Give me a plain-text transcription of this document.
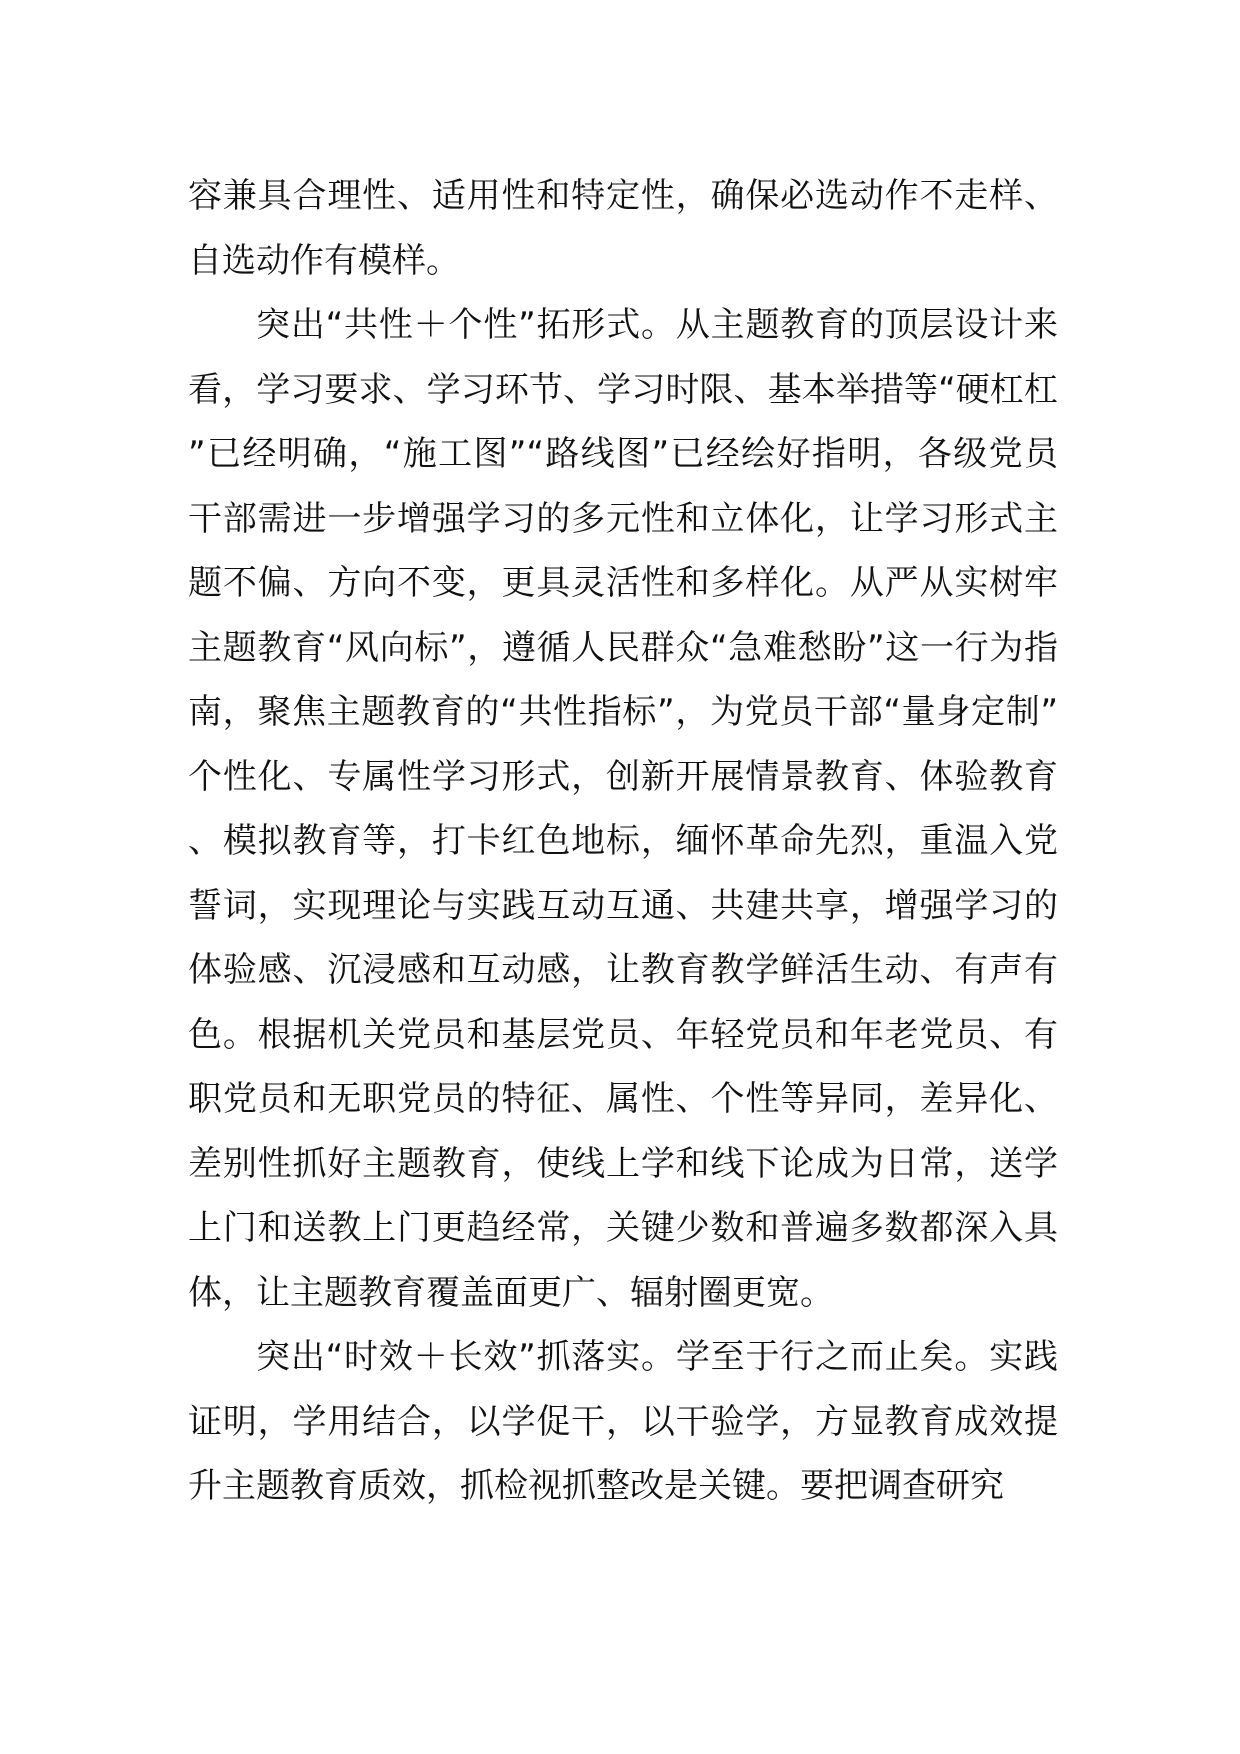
容兼具合理性、适用性和特定性，确保必选动作不走样、自选动作有模样。

突出“共性＋个性”拓形式。从主题教育的顶层设计来看，学习要求、学习环节、学习时限、基本举措等“硬杠杠”已经明确，“施工图”“路线图”已经绘好指明，各级党员干部需进一步增强学习的多元性和立体化，让学习形式主题不偏、方向不变，更具灵活性和多样化。从严从实树牢主题教育“风向标”，遵循人民群众“急难愁盼”这一行为指南，聚焦主题教育的“共性指标”，为党员干部“量身定制”个性化、专属性学习形式，创新开展情景教育、体验教育、模拟教育等，打卡红色地标，缅怀革命先烈，重温入党誓词，实现理论与实践互动互通、共建共享，增强学习的体验感、沉浸感和互动感，让教育教学鲜活生动、有声有色。根据机关党员和基层党员、年轻党员和年老党员、有职党员和无职党员的特征、属性、个性等异同，差异化、差别性抓好主题教育，使线上学和线下论成为日常，送学上门和送教上门更趋经常，关键少数和普遍多数都深入具体，让主题教育覆盖面更广、辐射圈更宽。

突出“时效＋长效”抓落实。学至于行之而止矣。实践证明，学用结合，以学促干，以干验学，方显教育成效提升主题教育质效，抓检视抓整改是关键。要把调查研究
